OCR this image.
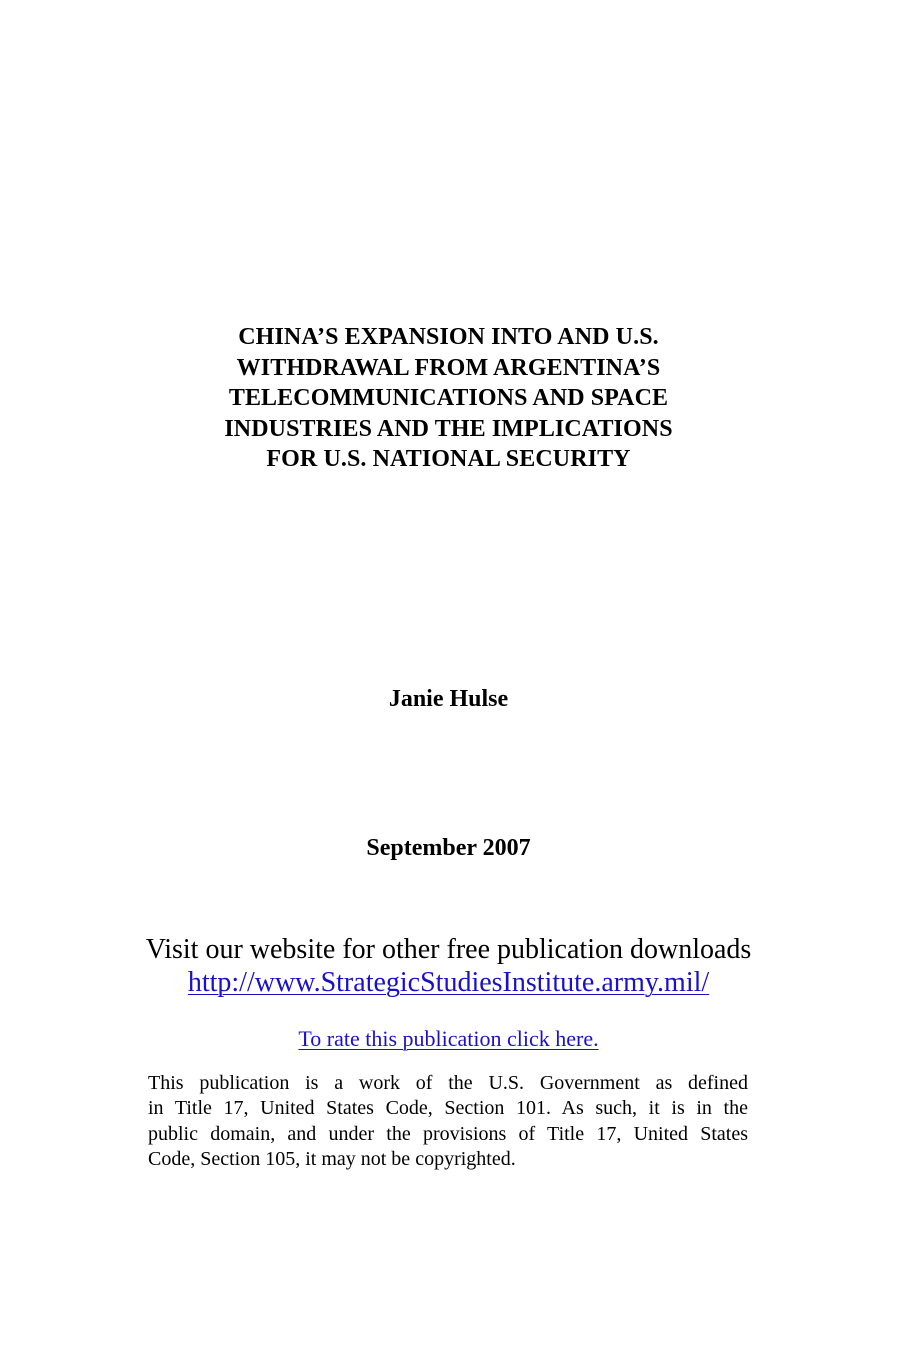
CHINA’S EXPANSION INTO AND U.S.
WITHDRAWAL FROM ARGENTINA’S
TELECOMMUNICATIONS AND SPACE
INDUSTRIES AND THE IMPLICATIONS
FOR U.S. NATIONAL SECURITY
Janie Hulse
September 2007
Visit our website for other free publication downloads
http://www.StrategicStudiesInstitute.army.mil/
To rate this publication click here.
This publication is a work of the U.S. Government as defined
in Title 17, United States Code, Section 101. As such, it is in the
public domain, and under the provisions of Title 17, United States
Code, Section 105, it may not be copyrighted.
